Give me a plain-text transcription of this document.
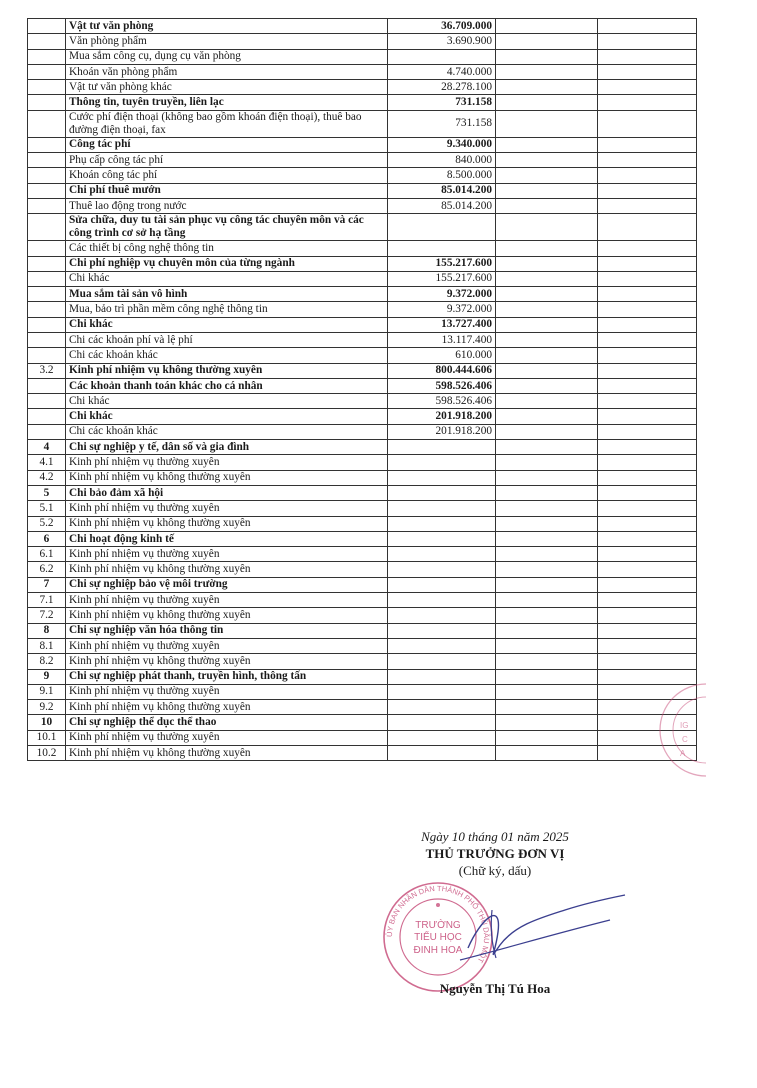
	Vật tư văn phòng	36.709.000		
	Văn phòng phẩm	3.690.900		
	Mua sắm công cụ, dụng cụ văn phòng			
	Khoán văn phòng phẩm	4.740.000		
	Vật tư văn phòng khác	28.278.100		
	Thông tin, tuyên truyền, liên lạc	731.158		
	Cước phí điện thoại (không bao gồm khoán điện thoại), thuê bao đường điện thoại, fax	731.158		
	Công tác phí	9.340.000		
	Phụ cấp công tác phí	840.000		
	Khoán công tác phí	8.500.000		
	Chi phí thuê mướn	85.014.200		
	Thuê lao động trong nước	85.014.200		
	Sửa chữa, duy tu tài sản phục vụ công tác chuyên môn và các công trình cơ sở hạ tầng			
	Các thiết bị công nghệ thông tin			
	Chi phí nghiệp vụ chuyên môn của từng ngành	155.217.600		
	Chi khác	155.217.600		
	Mua sắm tài sản vô hình	9.372.000		
	Mua, bảo trì phần mềm công nghệ thông tin	9.372.000		
	Chi khác	13.727.400		
	Chi các khoản phí và lệ phí	13.117.400		
	Chi các khoản khác	610.000		
3.2	Kinh phí nhiệm vụ không thường xuyên	800.444.606		
	Các khoản thanh toán khác cho cá nhân	598.526.406		
	Chi khác	598.526.406		
	Chi khác	201.918.200		
	Chi các khoản khác	201.918.200		
4	Chi sự nghiệp y tế, dân số và gia đình			
4.1	Kinh phí nhiệm vụ thường xuyên			
4.2	Kinh phí nhiệm vụ không thường xuyên			
5	Chi bảo đảm xã hội			
5.1	Kinh phí nhiệm vụ thường xuyên			
5.2	Kinh phí nhiệm vụ không thường xuyên			
6	Chi hoạt động kinh tế			
6.1	Kinh phí nhiệm vụ thường xuyên			
6.2	Kinh phí nhiệm vụ không thường xuyên			
7	Chi sự nghiệp bảo vệ môi trường			
7.1	Kinh phí nhiệm vụ thường xuyên			
7.2	Kinh phí nhiệm vụ không thường xuyên			
8	Chi sự nghiệp văn hóa thông tin			
8.1	Kinh phí nhiệm vụ thường xuyên			
8.2	Kinh phí nhiệm vụ không thường xuyên			
9	Chi sự nghiệp phát thanh, truyền hình, thông tấn			
9.1	Kinh phí nhiệm vụ thường xuyên			
9.2	Kinh phí nhiệm vụ không thường xuyên			
10	Chi sự nghiệp thể dục thể thao			
10.1	Kinh phí nhiệm vụ thường xuyên			
10.2	Kinh phí nhiệm vụ không thường xuyên			
Ngày 10 tháng 01 năm 2025
THỦ TRƯỞNG ĐƠN VỊ
(Chữ ký, dấu)
ỦY BAN NHÂN DÂN THÀNH PHỐ THỦ DẦU MỘT
TRƯỜNG
TIỂU HỌC
ĐINH HOA
IG
C
A
Nguyễn Thị Tú Hoa
